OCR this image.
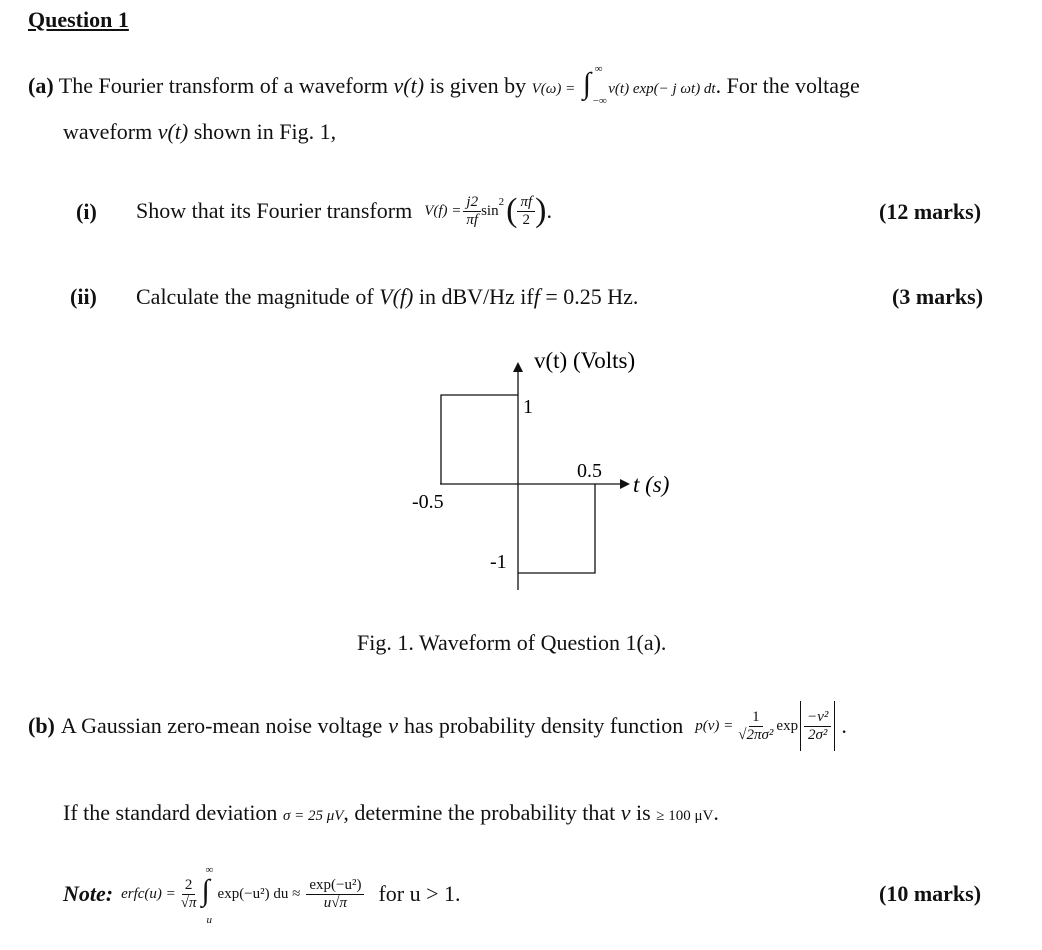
Question 1
(a) The Fourier transform of a waveform v(t) is given by V(ω) = ∫ ∞
−∞
v(t) exp(− j ωt) dt. For the voltage
waveform v(t) shown in Fig. 1,
(i) Show that its Fourier transform $V(f) = \frac{j2}{\pi f}$ sin
$^2$ ( $\frac{\pi f}{2}$ ) .	(12 marks)
(ii) Calculate the magnitude of V(f) in dBV/Hz iff = 0.25 Hz.	(3 marks)
v(t) (Volts)
1
0.5
t (s)
-0.5
-1
Fig. 1. Waveform of Question 1(a).
(b) A Gaussian zero-mean noise voltage v has probability density function $p(v) = \frac{1}{\text{√2πσ²}}$ $\exp \frac{\text{−v²}}{\text{2σ²}}$ .
If the standard deviation σ = 25 μV, determine the probability that v is ≥ 100 μV.
Note: erfc(u) = $\frac{2}{√\pi}$ ∫
∞
u
exp(−u²) du ≈ $\frac{\text{exp(−u²)}}{u√\pi}$ for u > 1.	(10 marks)
